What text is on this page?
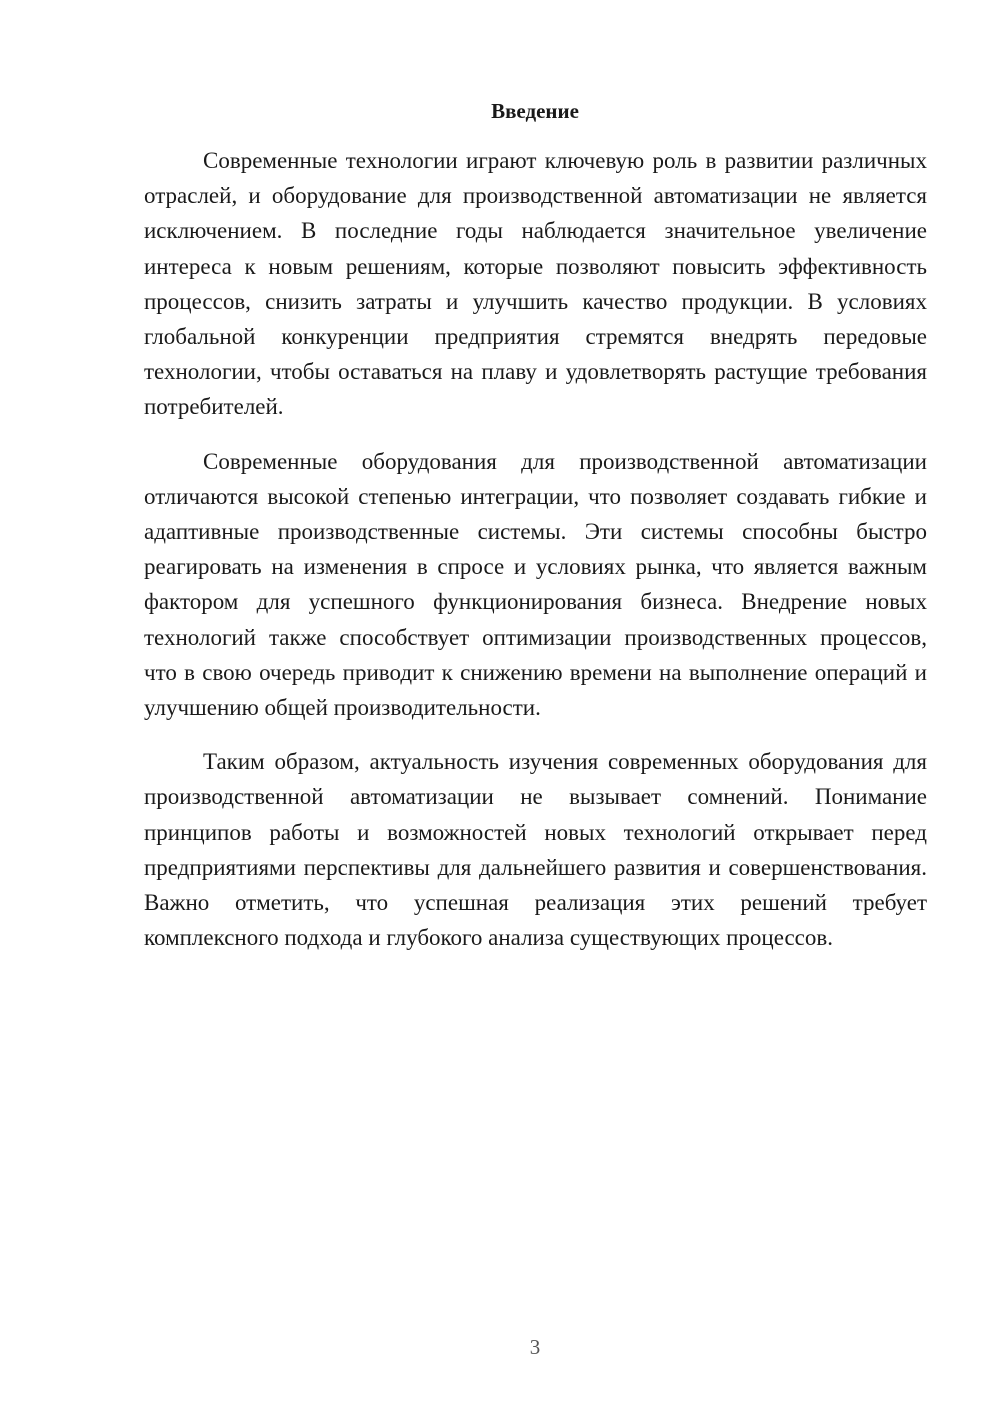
Введение

Современные технологии играют ключевую роль в развитии различных отраслей, и оборудование для производственной автоматизации не является исключением. В последние годы наблюдается значительное увеличение интереса к новым решениям, которые позволяют повысить эффективность процессов, снизить затраты и улучшить качество продукции. В условиях глобальной конкуренции предприятия стремятся внедрять передовые технологии, чтобы оставаться на плаву и удовлетворять растущие требования потребителей.

Современные оборудования для производственной автоматизации отличаются высокой степенью интеграции, что позволяет создавать гибкие и адаптивные производственные системы. Эти системы способны быстро реагировать на изменения в спросе и условиях рынка, что является важным фактором для успешного функционирования бизнеса. Внедрение новых технологий также способствует оптимизации производственных процессов, что в свою очередь приводит к снижению времени на выполнение операций и улучшению общей производительности.

Таким образом, актуальность изучения современных оборудования для производственной автоматизации не вызывает сомнений. Понимание принципов работы и возможностей новых технологий открывает перед предприятиями перспективы для дальнейшего развития и совершенствования. Важно отметить, что успешная реализация этих решений требует комплексного подхода и глубокого анализа существующих процессов.

3
